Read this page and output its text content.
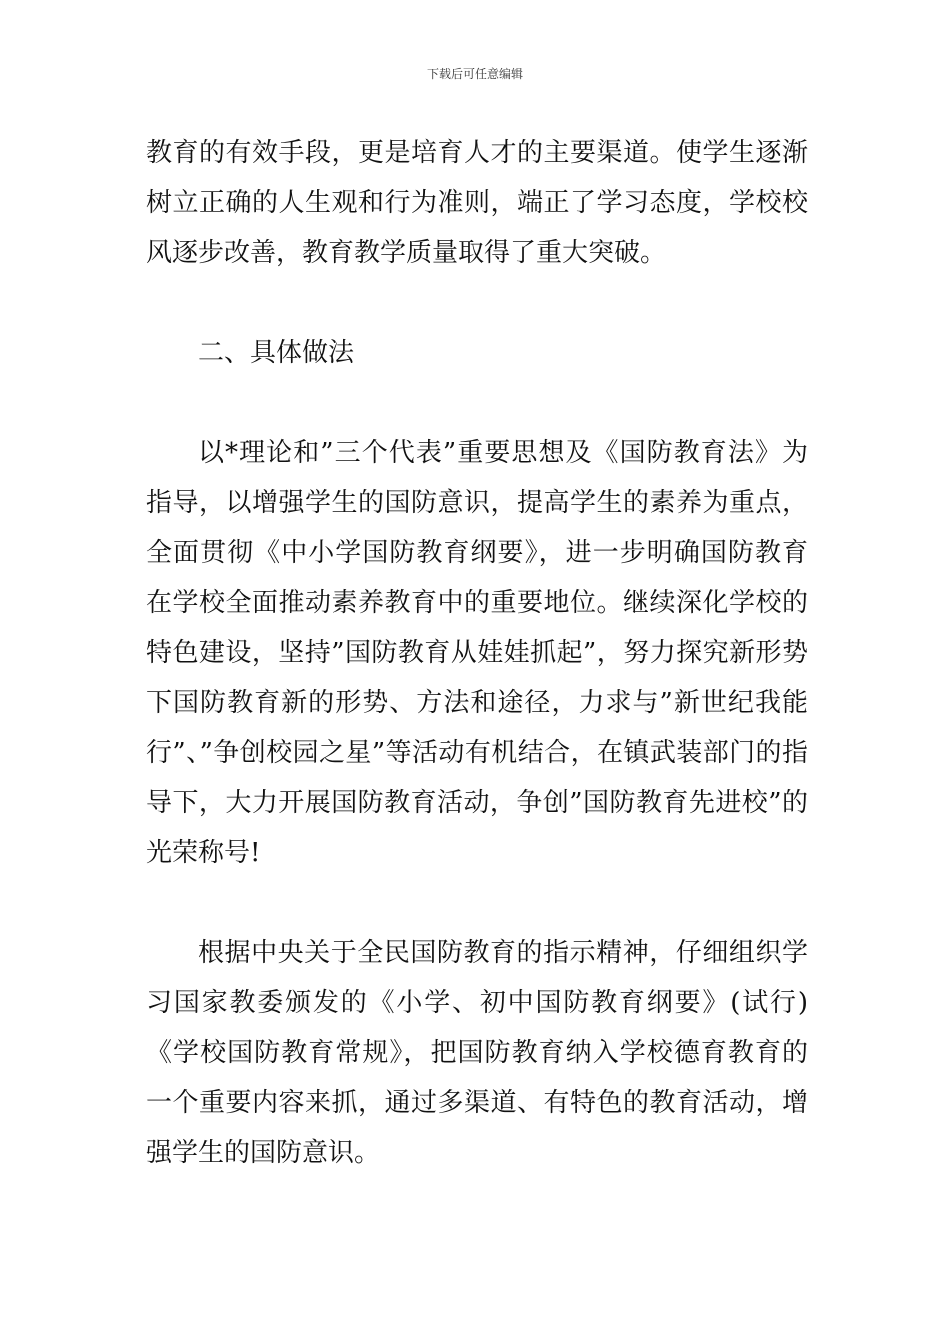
下载后可任意编辑

教育的有效手段，更是培育人才的主要渠道。使学生逐渐树立正确的人生观和行为准则，端正了学习态度，学校校风逐步改善，教育教学质量取得了重大突破。

二、具体做法

以*理论和”三个代表”重要思想及《国防教育法》为指导，以增强学生的国防意识，提高学生的素养为重点，全面贯彻《中小学国防教育纲要》，进一步明确国防教育在学校全面推动素养教育中的重要地位。继续深化学校的特色建设，坚持”国防教育从娃娃抓起”，努力探究新形势下国防教育新的形势、方法和途径，力求与”新世纪我能行”、”争创校园之星”等活动有机结合，在镇武装部门的指导下，大力开展国防教育活动，争创”国防教育先进校”的光荣称号!

根据中央关于全民国防教育的指示精神，仔细组织学习国家教委颁发的《小学、初中国防教育纲要》(试行)《学校国防教育常规》，把国防教育纳入学校德育教育的一个重要内容来抓，通过多渠道、有特色的教育活动，增强学生的国防意识。
